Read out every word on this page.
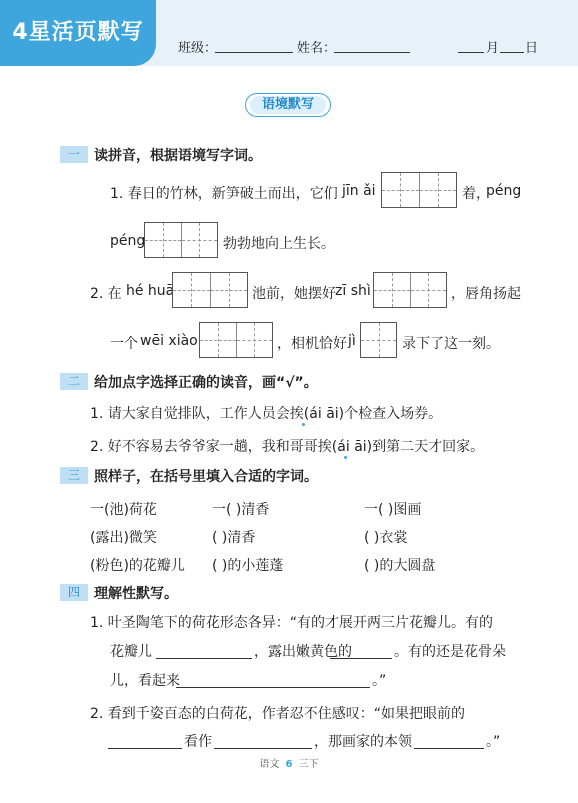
4星活页默写
班级：	姓名：	月 日
语境默写
一	读拼音，根据语境写字词。
1. 春日的竹林，新笋破土而出，它们 jīn ǎi	着，
péng
péng	勃勃地向上生长。
2. 在 hé huā	池前，她摆好 zī shì	，唇角扬起
一个 wēi xiào	，相机恰好 jì	录下了这一刻。
二	给加点字选择正确的读音，画“√”。
1. 请大家自觉排队，工作人员会挨(ái āi)个检查入场券。
2. 好不容易去爷爷家一趟，我和哥哥挨(ái āi)到第二天才回家。
三	照样子，在括号里填入合适的字词。
一(池)荷花	一( )清香	一( )图画
(露出)微笑	( )清香	( )衣裳
(粉色)的花瓣儿 ( )的小莲蓬	( )的大圆盘
四	理解性默写。
1. 叶圣陶笔下的荷花形态各异：“有的才展开两三片花瓣儿。有的
花瓣儿	，露出嫩黄色的	。有的还是花骨朵
儿，看起来	。”
2. 看到千姿百态的白荷花，作者忍不住感叹：“如果把眼前的
看作	，那画家的本领	。”
语文 6 三下
